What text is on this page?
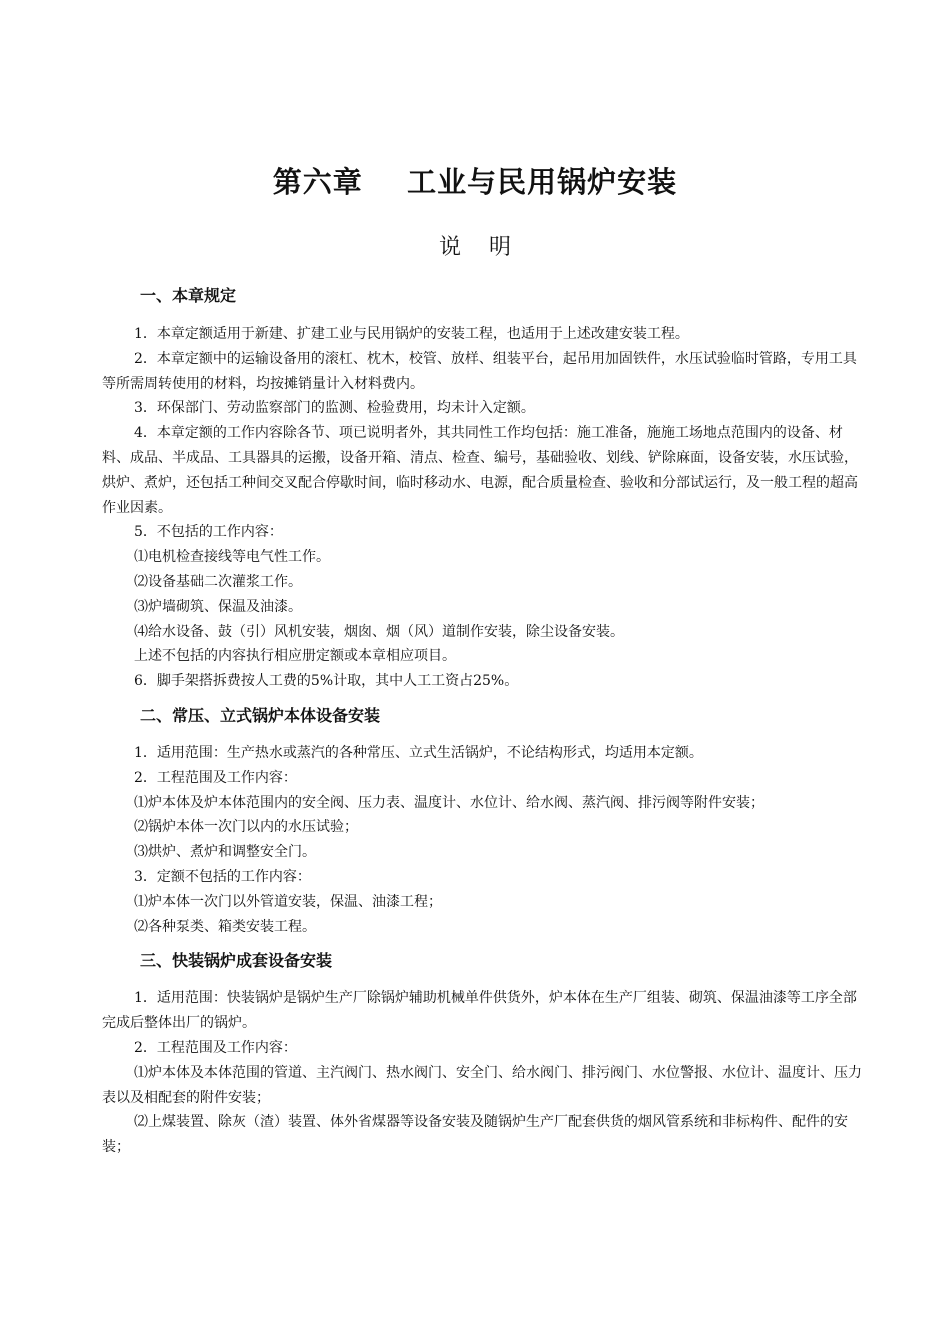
第六章    工业与民用锅炉安装
说    明
一、本章规定

1．本章定额适用于新建、扩建工业与民用锅炉的安装工程，也适用于上述改建安装工程。

2．本章定额中的运输设备用的滚杠、枕木，校管、放样、组装平台，起吊用加固铁件，水压试验临时管路，专用工具等所需周转使用的材料，均按摊销量计入材料费内。

3．环保部门、劳动监察部门的监测、检验费用，均未计入定额。

4．本章定额的工作内容除各节、项已说明者外，其共同性工作均包括：施工准备，施施工场地点范围内的设备、材料、成品、半成品、工具器具的运搬，设备开箱、清点、检查、编号，基础验收、划线、铲除麻面，设备安装，水压试验，烘炉、煮炉，还包括工种间交叉配合停歇时间，临时移动水、电源，配合质量检查、验收和分部试运行，及一般工程的超高作业因素。

5．不包括的工作内容：

⑴电机检查接线等电气性工作。

⑵设备基础二次灌浆工作。

⑶炉墙砌筑、保温及油漆。

⑷给水设备、鼓（引）风机安装，烟囱、烟（风）道制作安装，除尘设备安装。

上述不包括的内容执行相应册定额或本章相应项目。

6．脚手架搭拆费按人工费的5%计取，其中人工工资占25%。

二、常压、立式锅炉本体设备安装

1．适用范围：生产热水或蒸汽的各种常压、立式生活锅炉，不论结构形式，均适用本定额。

2．工程范围及工作内容：

⑴炉本体及炉本体范围内的安全阀、压力表、温度计、水位计、给水阀、蒸汽阀、排污阀等附件安装；

⑵锅炉本体一次门以内的水压试验；

⑶烘炉、煮炉和调整安全门。

3．定额不包括的工作内容：

⑴炉本体一次门以外管道安装，保温、油漆工程；

⑵各种泵类、箱类安装工程。

三、快装锅炉成套设备安装

1．适用范围：快装锅炉是锅炉生产厂除锅炉辅助机械单件供货外，炉本体在生产厂组装、砌筑、保温油漆等工序全部完成后整体出厂的锅炉。

2．工程范围及工作内容：

⑴炉本体及本体范围的管道、主汽阀门、热水阀门、安全门、给水阀门、排污阀门、水位警报、水位计、温度计、压力表以及相配套的附件安装；

⑵上煤装置、除灰（渣）装置、体外省煤器等设备安装及随锅炉生产厂配套供货的烟风管系统和非标构件、配件的安装；
